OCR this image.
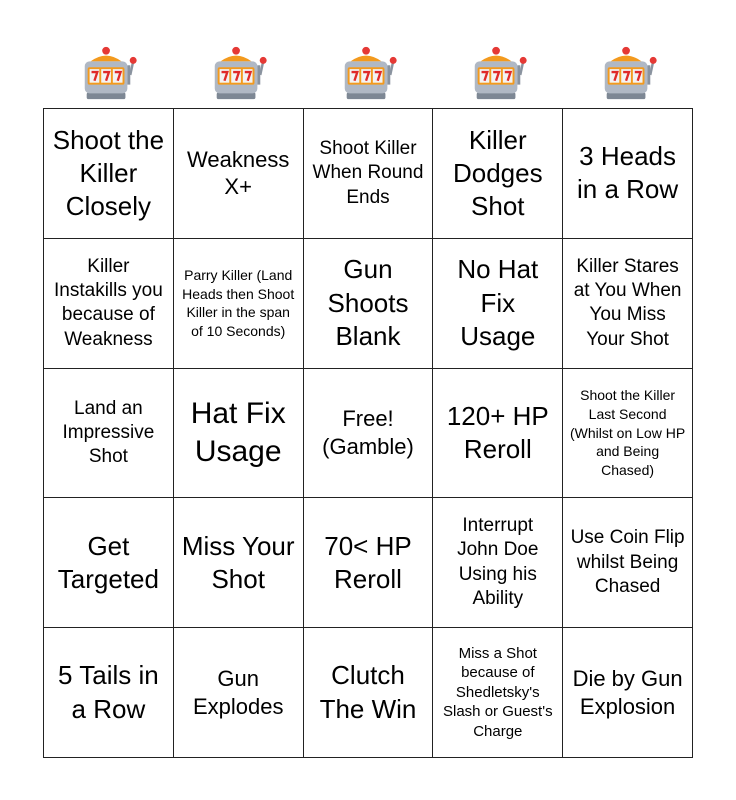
Shoot the Killer Closely
Weakness X+
Shoot Killer When Round Ends
Killer Dodges Shot
3 Heads in a Row
Killer Instakills you because of Weakness
Parry Killer (Land Heads then Shoot Killer in the span of 10 Seconds)
Gun Shoots Blank
No Hat Fix Usage
Killer Stares at You When You Miss Your Shot
Land an Impressive Shot
Hat Fix Usage
Free! (Gamble)
120+ HP Reroll
Shoot the Killer Last Second (Whilst on Low HP and Being Chased)
Get Targeted
Miss Your Shot
70< HP Reroll
Interrupt John Doe Using his Ability
Use Coin Flip whilst Being Chased
5 Tails in a Row
Gun Explodes
Clutch The Win
Miss a Shot because of Shedletsky's Slash or Guest's Charge
Die by Gun Explosion
